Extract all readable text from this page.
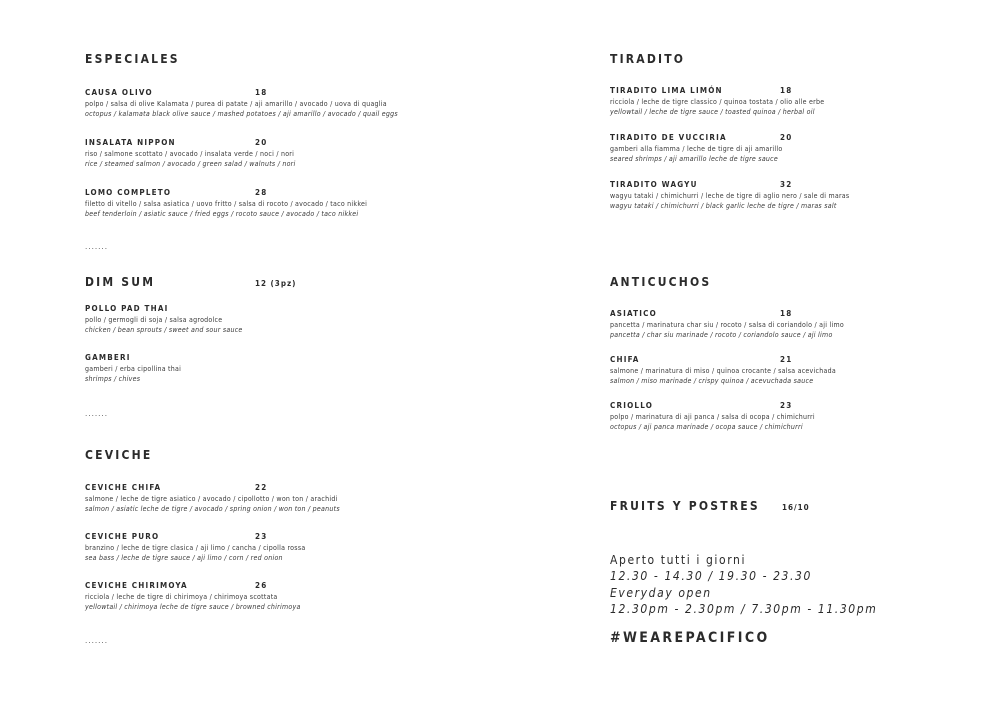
ESPECIALES
CAUSA OLIVO	18
polpo / salsa di olive Kalamata / purea di patate / aji amarillo / avocado / uova di quaglia
octopus / kalamata black olive sauce / mashed potatoes / aji amarillo / avocado / quail eggs
INSALATA NIPPON	20
riso / salmone scottato / avocado / insalata verde / noci / nori
rice / steamed salmon / avocado / green salad / walnuts / nori
LOMO COMPLETO	28
filetto di vitello / salsa asiatica / uovo fritto / salsa di rocoto / avocado / taco nikkei
beef tenderloin / asiatic sauce / fried eggs / rocoto sauce / avocado / taco nikkei
.......
DIM SUM	12 (3pz)
POLLO PAD THAI
pollo / germogli di soja / salsa agrodolce
chicken / bean sprouts / sweet and sour sauce
GAMBERI
gamberi / erba cipollina thai
shrimps / chives
.......
CEVICHE
CEVICHE CHIFA	22
salmone / leche de tigre asiatico / avocado / cipollotto / won ton / arachidi
salmon / asiatic leche de tigre / avocado / spring onion / won ton / peanuts
CEVICHE PURO	23
branzino / leche de tigre clasica / aji limo / cancha / cipolla rossa
sea bass / leche de tigre sauce / aji limo / corn / red onion
CEVICHE CHIRIMOYA	26
ricciola / leche de tigre di chirimoya / chirimoya scottata
yellowtail / chirimoya leche de tigre sauce / browned chirimoya
.......
TIRADITO
TIRADITO LIMA LIMÓN	18
ricciola / leche de tigre classico / quinoa tostata / olio alle erbe
yellowtail / leche de tigre sauce / toasted quinoa / herbal oil
TIRADITO DE VUCCIRIA	20
gamberi alla fiamma / leche de tigre di aji amarillo
seared shrimps / aji amarillo leche de tigre sauce
TIRADITO WAGYU	32
wagyu tataki / chimichurri / leche de tigre di aglio nero / sale di maras
wagyu tataki / chimichurri / black garlic leche de tigre / maras salt
ANTICUCHOS
ASIATICO	18
pancetta / marinatura char siu / rocoto / salsa di coriandolo / aji limo
pancetta / char siu marinade / rocoto / coriandolo sauce / aji limo
CHIFA	21
salmone / marinatura di miso / quinoa crocante / salsa acevichada
salmon / miso marinade / crispy quinoa / acevuchada sauce
CRIOLLO	23
polpo / marinatura di aji panca / salsa di ocopa / chimichurri
octopus / aji panca marinade / ocopa sauce / chimichurri
FRUITS Y POSTRES	16/10
Aperto tutti i giorni
12.30 - 14.30 / 19.30 - 23.30
Everyday open
12.30pm - 2.30pm / 7.30pm - 11.30pm
#WEAREPACIFICO
